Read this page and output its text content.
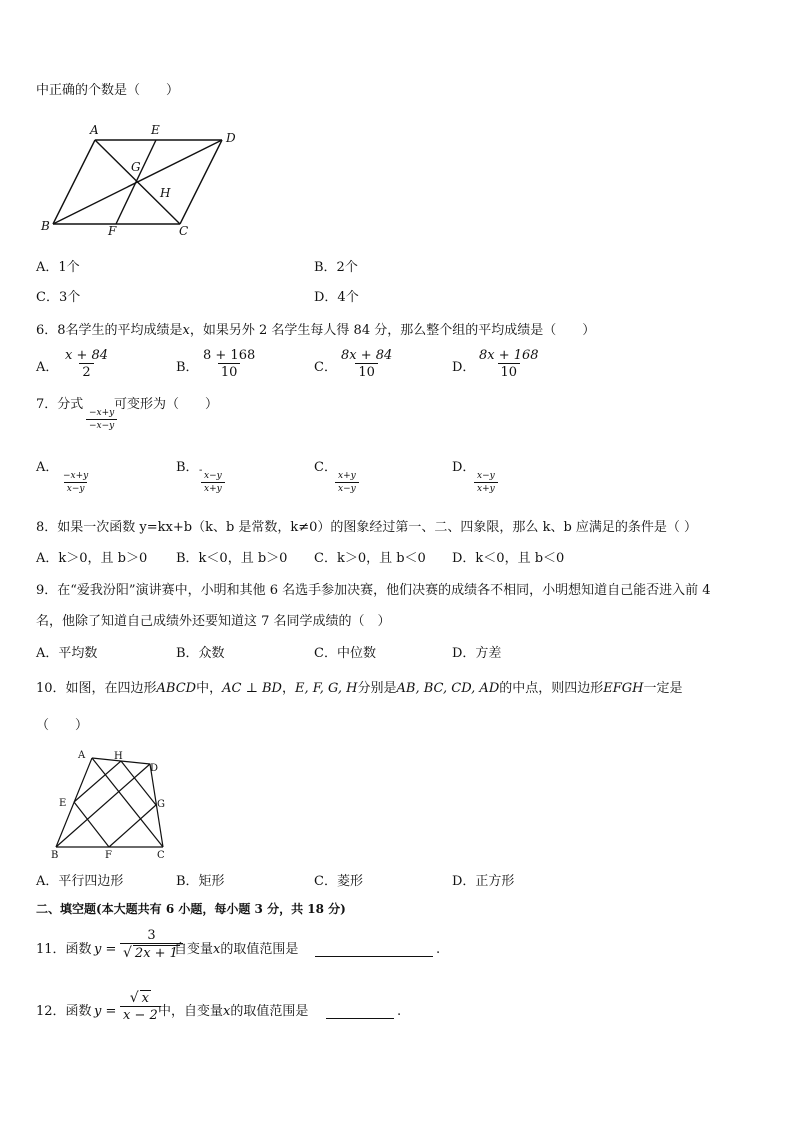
中正确的个数是（　　）
A	E
D
G
H
B	F	C
A．1个	B．2个
C．3个	D．4个
6．8名学生的平均成绩是x，如果另外 2 名学生每人得 84 分，那么整个组的平均成绩是（　　）
A． $\frac{x + 84}{2}$	B． $\frac{8 + 168}{10}$	C． $\frac{8x + 84}{10}$	D． $\frac{8x + 168}{10}$
7．分式
$\frac{-x+y}{-x-y}$
可变形为（　　）
A．
$\frac{-x+y}{x-y}$
B． -
$\frac{x-y}{x+y}$
C．
$\frac{x+y}{x-y}$
D．
$\frac{x-y}{x+y}$
8．如果一次函数 y=kx+b（k、b 是常数，k≠0）的图象经过第一、二、四象限，那么 k、b 应满足的条件是（ ）
A．k＞0，且 b＞0 B．k＜0，且 b＞0 C．k＞0，且 b＜0 D．k＜0，且 b＜0
9．在“爱我汾阳”演讲赛中，小明和其他 6 名选手参加决赛，他们决赛的成绩各不相同，小明想知道自己能否进入前 4
名，他除了知道自己成绩外还要知道这 7 名同学成绩的（　）
A．平均数	B．众数	C．中位数	D．方差
10．如图，在四边形ABCD中，AC ⊥ BD，E, F, G, H分别是AB, BC, CD, AD的中点，则四边形EFGH一定是
（　　）
A	H
D
E	G
B	F	C
A．平行四边形	B．矩形	C．菱形	D．正方形
二、填空题(本大题共有 6 小题，每小题 3 分，共 18 分)
11．函数 $y = \frac{3}{√ 2x + 1}$
自变量x的取值范围是	.
12．函数 $y = \frac{√ x}{x - 2}$
中，自变量x的取值范围是	.
